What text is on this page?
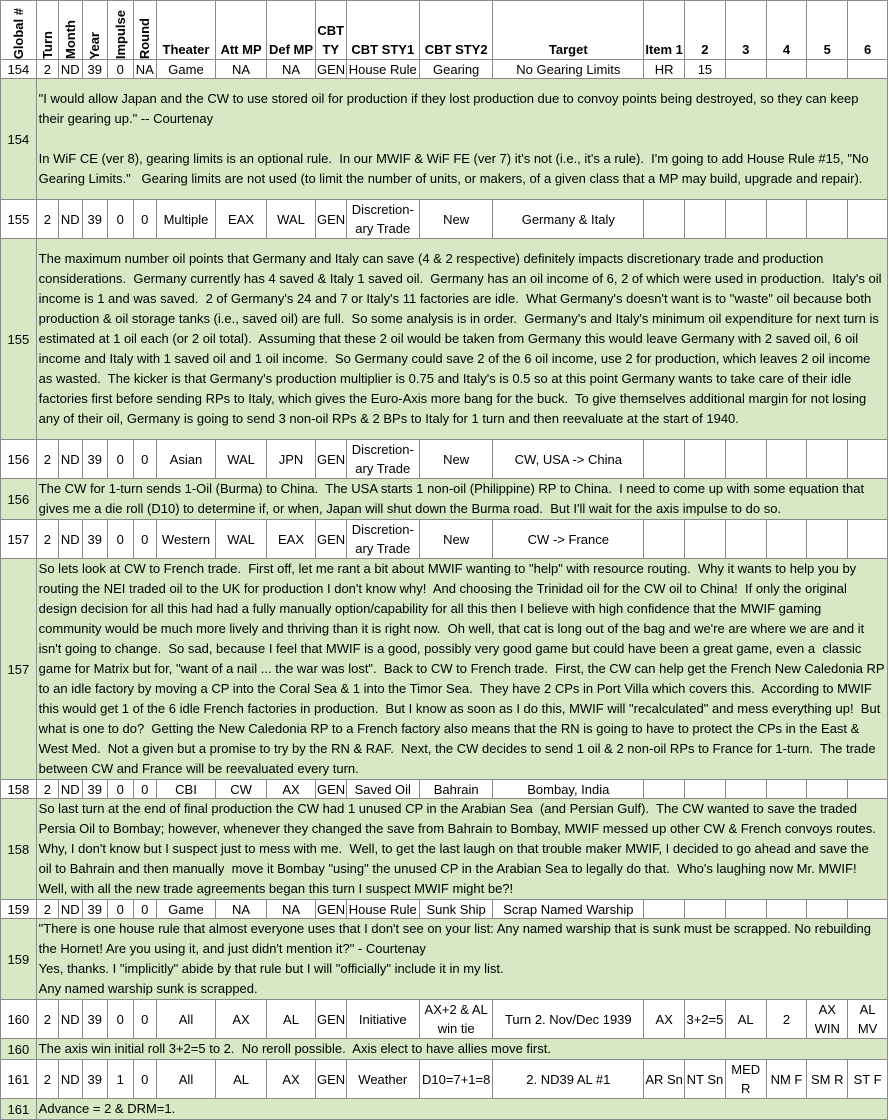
Global #	Turn	Month	Year	Impulse	Round	Theater	Att MP	Def MP	CBT TY	CBT STY1	CBT STY2	Target	Item 1	2	3	4	5	6
154	2	ND	39	0	NA	Game	NA	NA	GEN	House Rule	Gearing	No Gearing Limits	HR	15				
154	"I would allow Japan and the CW to use stored oil for production if they lost production due to convoy points being destroyed, so they can keep their gearing up." -- Courtenay

In WiF CE (ver 8), gearing limits is an optional rule.  In our MWIF & WiF FE (ver 7) it's not (i.e., it's a rule).  I'm going to add House Rule #15, "No Gearing Limits."   Gearing limits are not used (to limit the number of units, or makers, of a given class that a MP may build, upgrade and repair).																	
155	2	ND	39	0	0	Multiple	EAX	WAL	GEN	Discretion-ary Trade	New	Germany & Italy						
155	The maximum number oil points that Germany and Italy can save (4 & 2 respective) definitely impacts discretionary trade and production considerations.  Germany currently has 4 saved & Italy 1 saved oil.  Germany has an oil income of 6, 2 of which were used in production.  Italy's oil income is 1 and was saved.  2 of Germany's 24 and 7 or Italy's 11 factories are idle.  What Germany's doesn't want is to "waste" oil because both production & oil storage tanks (i.e., saved oil) are full.  So some analysis is in order.  Germany's and Italy's minimum oil expenditure for next turn is estimated at 1 oil each (or 2 oil total).  Assuming that these 2 oil would be taken from Germany this would leave Germany with 2 saved oil, 6 oil income and Italy with 1 saved oil and 1 oil income.  So Germany could save 2 of the 6 oil income, use 2 for production, which leaves 2 oil income as wasted.  The kicker is that Germany's production multiplier is 0.75 and Italy's is 0.5 so at this point Germany wants to take care of their idle factories first before sending RPs to Italy, which gives the Euro-Axis more bang for the buck.  To give themselves additional margin for not losing any of their oil, Germany is going to send 3 non-oil RPs & 2 BPs to Italy for 1 turn and then reevaluate at the start of 1940.																	
156	2	ND	39	0	0	Asian	WAL	JPN	GEN	Discretion-ary Trade	New	CW, USA -> China						
156	The CW for 1-turn sends 1-Oil (Burma) to China.  The USA starts 1 non-oil (Philippine) RP to China.  I need to come up with some equation that gives me a die roll (D10) to determine if, or when, Japan will shut down the Burma road.  But I'll wait for the axis impulse to do so.																	
157	2	ND	39	0	0	Western	WAL	EAX	GEN	Discretion-ary Trade	New	CW -> France						
157	So lets look at CW to French trade.  First off, let me rant a bit about MWIF wanting to "help" with resource routing.  Why it wants to help you by routing the NEI traded oil to the UK for production I don't know why!  And choosing the Trinidad oil for the CW oil to China!  If only the original design decision for all this had had a fully manually option/capability for all this then I believe with high confidence that the MWIF gaming community would be much more lively and thriving than it is right now.  Oh well, that cat is long out of the bag and we're are where we are and it isn't going to change.  So sad, because I feel that MWIF is a good, possibly very good game but could have been a great game, even a  classic game for Matrix but for, "want of a nail ... the war was lost".  Back to CW to French trade.  First, the CW can help get the French New Caledonia RP to an idle factory by moving a CP into the Coral Sea & 1 into the Timor Sea.  They have 2 CPs in Port Villa which covers this.  According to MWIF this would get 1 of the 6 idle French factories in production.  But I know as soon as I do this, MWIF will "recalculated" and mess everything up!  But what is one to do?  Getting the New Caledonia RP to a French factory also means that the RN is going to have to protect the CPs in the East & West Med.  Not a given but a promise to try by the RN & RAF.  Next, the CW decides to send 1 oil & 2 non-oil RPs to France for 1-turn.  The trade between CW and France will be reevaluated every turn.																	
158	2	ND	39	0	0	CBI	CW	AX	GEN	Saved Oil	Bahrain	Bombay, India						
158	So last turn at the end of final production the CW had 1 unused CP in the Arabian Sea  (and Persian Gulf).  The CW wanted to save the traded Persia Oil to Bombay; however, whenever they changed the save from Bahrain to Bombay, MWIF messed up other CW & French convoys routes.  Why, I don't know but I suspect just to mess with me.  Well, to get the last laugh on that trouble maker MWIF, I decided to go ahead and save the oil to Bahrain and then manually  move it Bombay "using" the unused CP in the Arabian Sea to legally do that.  Who's laughing now Mr. MWIF!  Well, with all the new trade agreements began this turn I suspect MWIF might be?!																	
159	2	ND	39	0	0	Game	NA	NA	GEN	House Rule	Sunk Ship	Scrap Named Warship						
159	"There is one house rule that almost everyone uses that I don't see on your list: Any named warship that is sunk must be scrapped. No rebuilding the Hornet! Are you using it, and just didn't mention it?" - Courtenay
Yes, thanks. I "implicitly" abide by that rule but I will "officially" include it in my list.
Any named warship sunk is scrapped.																	
160	2	ND	39	0	0	All	AX	AL	GEN	Initiative	AX+2 & AL win tie	Turn 2. Nov/Dec 1939	AX	3+2=5	AL	2	AX WIN	AL MV
160	The axis win initial roll 3+2=5 to 2.  No reroll possible.  Axis elect to have allies move first.																	
161	2	ND	39	1	0	All	AL	AX	GEN	Weather	D10=7+1=8	2. ND39 AL #1	AR Sn	NT Sn	MED R	NM F	SM R	ST F
161	Advance = 2 & DRM=1.																	
